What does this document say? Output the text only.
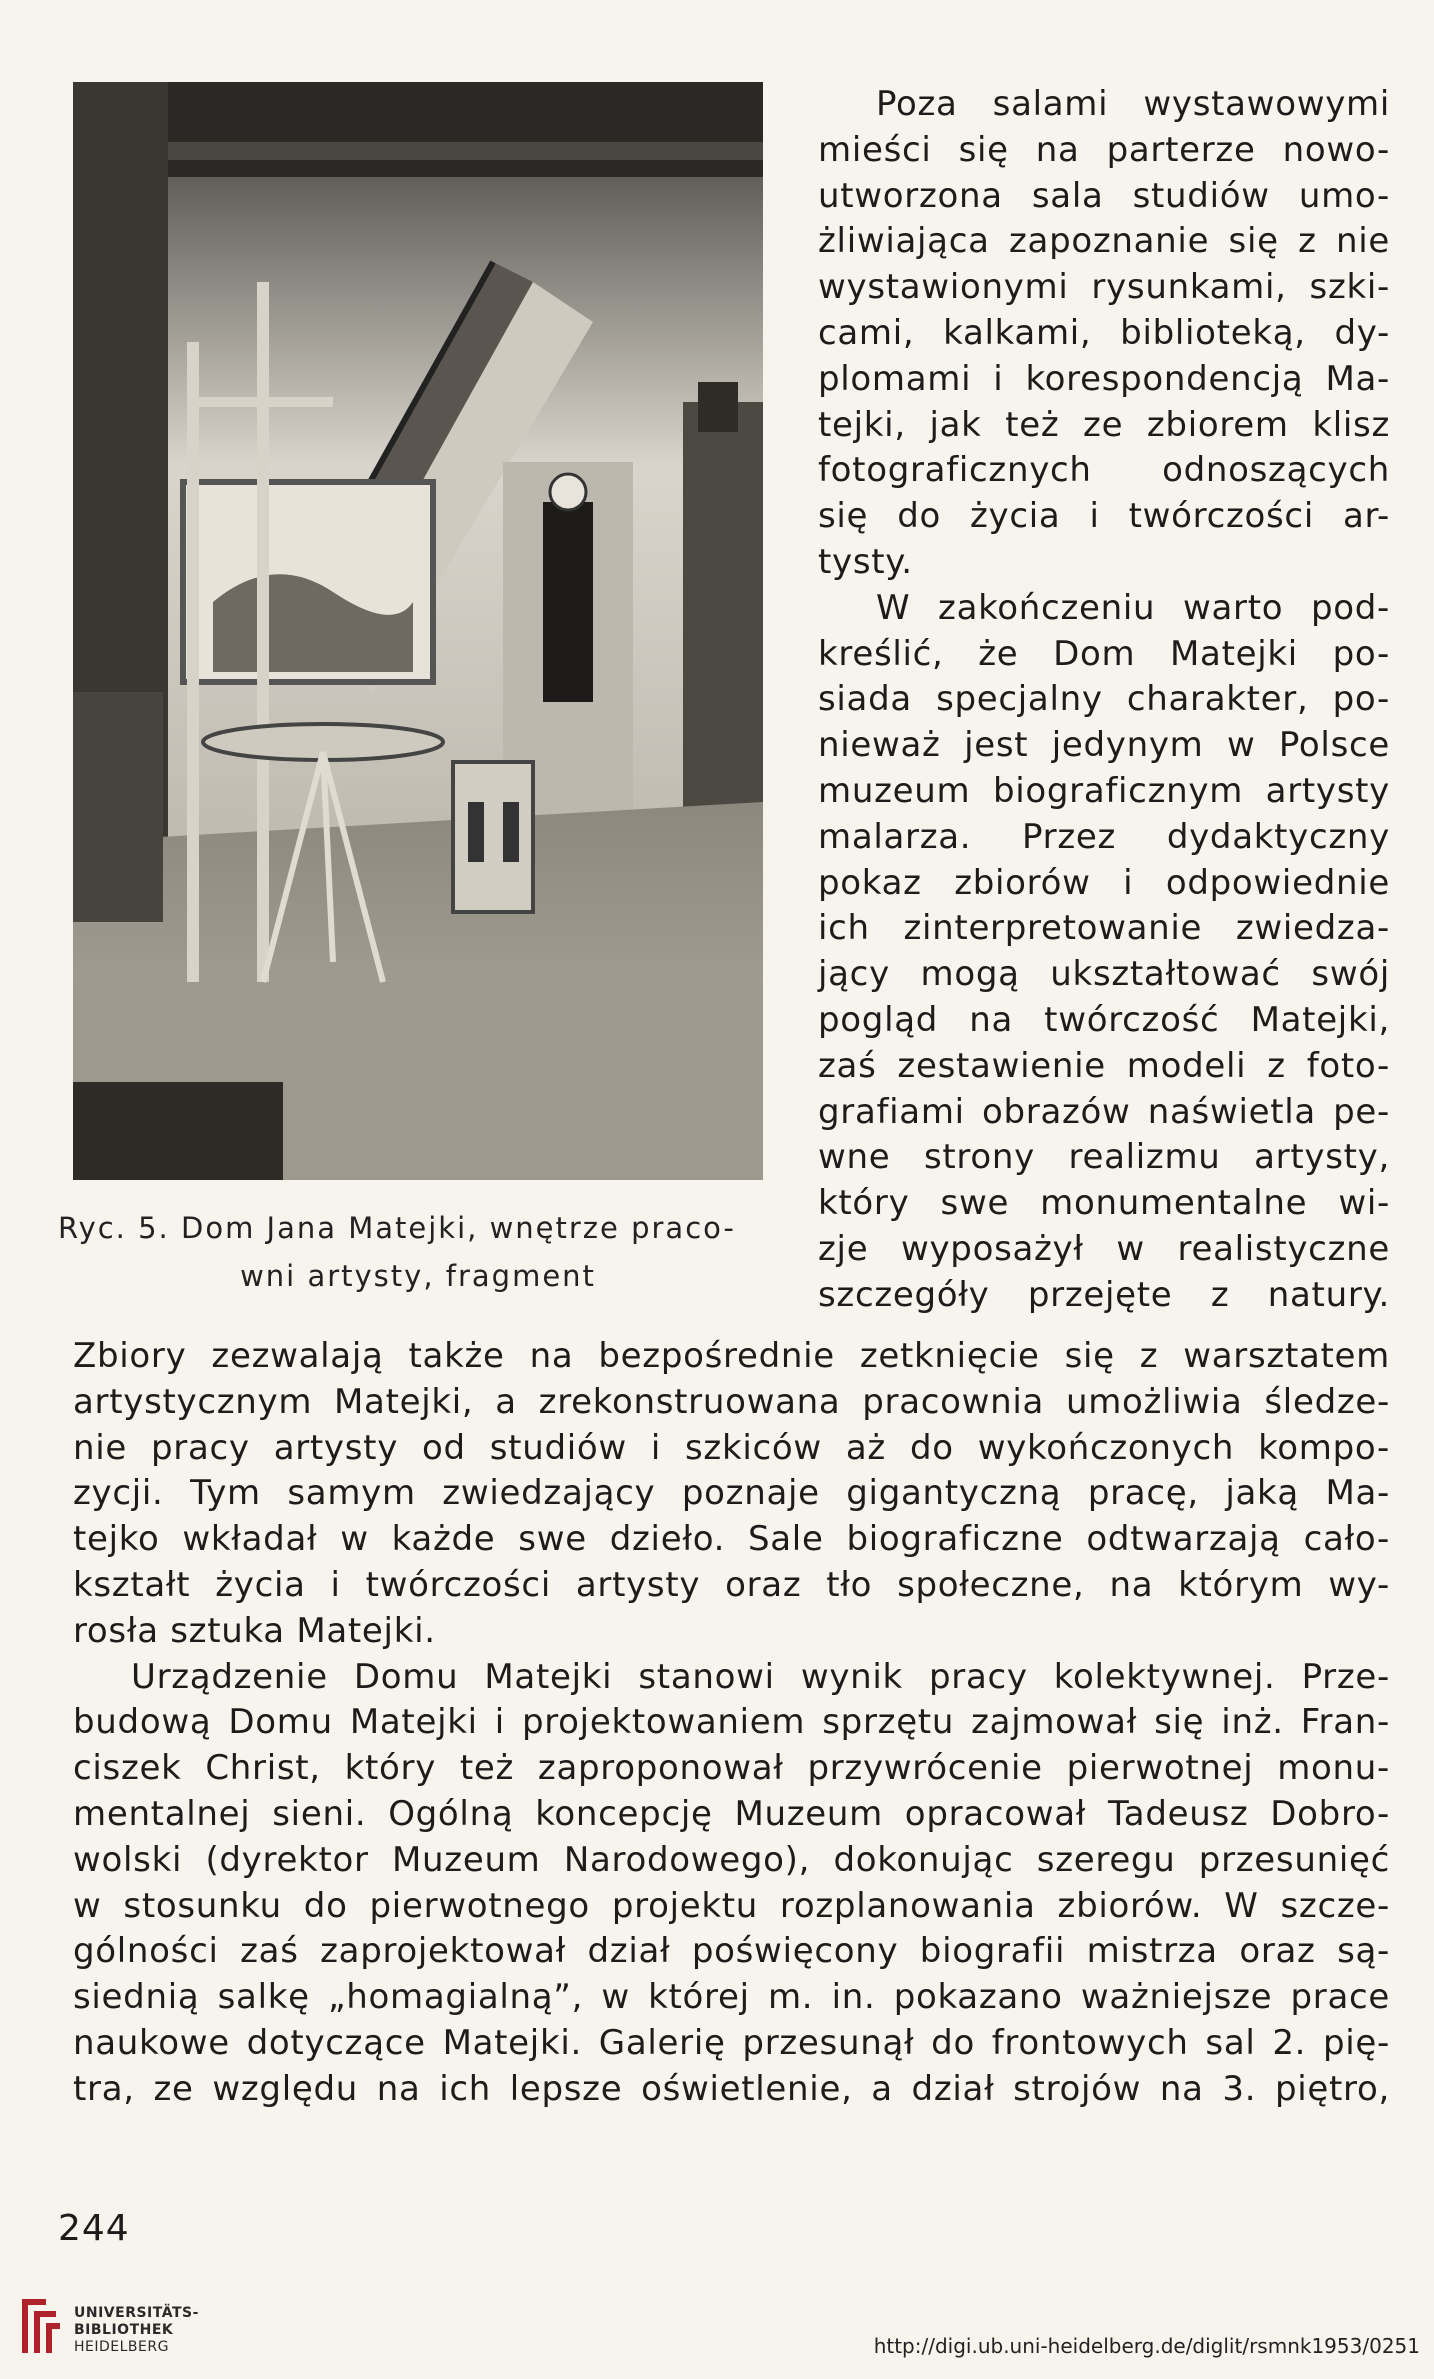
Ryc. 5. Dom Jana Matejki, wnętrze praco-
wni artysty, fragment
Poza salami wystawowymi
mieści się na parterze nowo-
utworzona sala studiów umo-
żliwiająca zapoznanie się z nie
wystawionymi rysunkami, szki-
cami, kalkami, biblioteką, dy-
plomami i korespondencją Ma-
tejki, jak też ze zbiorem klisz
fotograficznych odnoszących
się do życia i twórczości ar-
tysty.
W zakończeniu warto pod-
kreślić, że Dom Matejki po-
siada specjalny charakter, po-
nieważ jest jedynym w Polsce
muzeum biograficznym artysty
malarza. Przez dydaktyczny
pokaz zbiorów i odpowiednie
ich zinterpretowanie zwiedza-
jący mogą ukształtować swój
pogląd na twórczość Matejki,
zaś zestawienie modeli z foto-
grafiami obrazów naświetla pe-
wne strony realizmu artysty,
który swe monumentalne wi-
zje wyposażył w realistyczne
szczegóły przejęte z natury.
Zbiory zezwalają także na bezpośrednie zetknięcie się z warsztatem
artystycznym Matejki, a zrekonstruowana pracownia umożliwia śledze-
nie pracy artysty od studiów i szkiców aż do wykończonych kompo-
zycji. Tym samym zwiedzający poznaje gigantyczną pracę, jaką Ma-
tejko wkładał w każde swe dzieło. Sale biograficzne odtwarzają cało-
kształt życia i twórczości artysty oraz tło społeczne, na którym wy-
rosła sztuka Matejki.
Urządzenie Domu Matejki stanowi wynik pracy kolektywnej. Prze-
budową Domu Matejki i projektowaniem sprzętu zajmował się inż. Fran-
ciszek Christ, który też zaproponował przywrócenie pierwotnej monu-
mentalnej sieni. Ogólną koncepcję Muzeum opracował Tadeusz Dobro-
wolski (dyrektor Muzeum Narodowego), dokonując szeregu przesunięć
w stosunku do pierwotnego projektu rozplanowania zbiorów. W szcze-
gólności zaś zaprojektował dział poświęcony biografii mistrza oraz są-
siednią salkę „homagialną”, w której m. in. pokazano ważniejsze prace
naukowe dotyczące Matejki. Galerię przesunął do frontowych sal 2. pię-
tra, ze względu na ich lepsze oświetlenie, a dział strojów na 3. piętro,
244
UNIVERSITÄTS-
BIBLIOTHEK
HEIDELBERG	http://digi.ub.uni-heidelberg.de/diglit/rsmnk1953/0251
